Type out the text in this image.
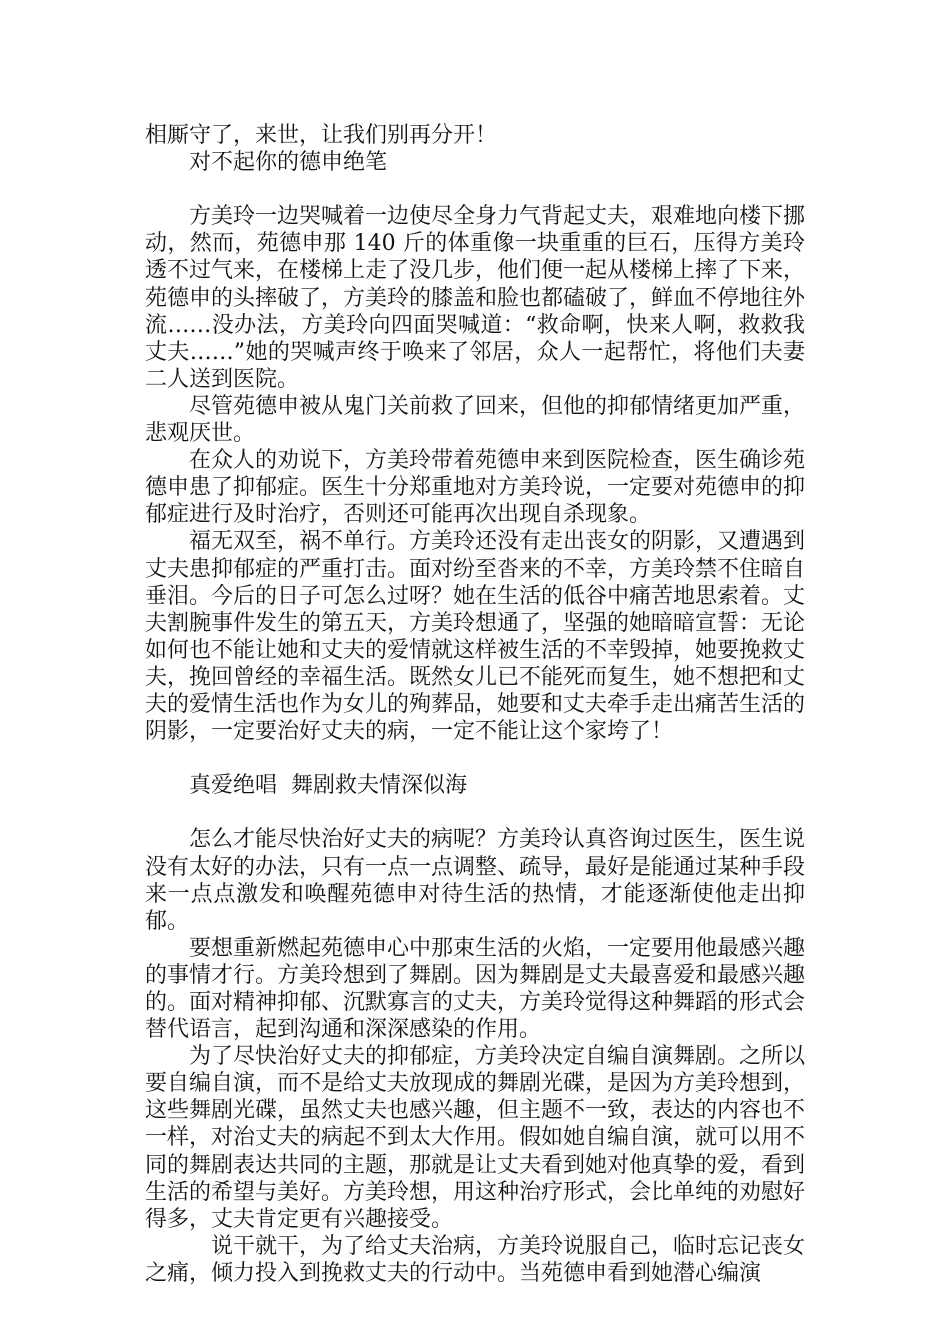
相厮守了，来世，让我们别再分开！

对不起你的德申绝笔

方美玲一边哭喊着一边使尽全身力气背起丈夫，艰难地向楼下挪动，然而，苑德申那 140 斤的体重像一块重重的巨石，压得方美玲透不过气来，在楼梯上走了没几步，他们便一起从楼梯上摔了下来，苑德申的头摔破了，方美玲的膝盖和脸也都磕破了，鲜血不停地往外流……没办法，方美玲向四面哭喊道：“救命啊，快来人啊，救救我丈夫……”她的哭喊声终于唤来了邻居，众人一起帮忙，将他们夫妻二人送到医院。

尽管苑德申被从鬼门关前救了回来，但他的抑郁情绪更加严重，悲观厌世。

在众人的劝说下，方美玲带着苑德申来到医院检查，医生确诊苑德申患了抑郁症。医生十分郑重地对方美玲说，一定要对苑德申的抑郁症进行及时治疗，否则还可能再次出现自杀现象。

福无双至，祸不单行。方美玲还没有走出丧女的阴影，又遭遇到丈夫患抑郁症的严重打击。面对纷至沓来的不幸，方美玲禁不住暗自垂泪。今后的日子可怎么过呀？她在生活的低谷中痛苦地思索着。丈夫割腕事件发生的第五天，方美玲想通了，坚强的她暗暗宣誓：无论如何也不能让她和丈夫的爱情就这样被生活的不幸毁掉，她要挽救丈夫，挽回曾经的幸福生活。既然女儿已不能死而复生，她不想把和丈夫的爱情生活也作为女儿的殉葬品，她要和丈夫牵手走出痛苦生活的阴影，一定要治好丈夫的病，一定不能让这个家垮了！

真爱绝唱  舞剧救夫情深似海

怎么才能尽快治好丈夫的病呢？方美玲认真咨询过医生，医生说没有太好的办法，只有一点一点调整、疏导，最好是能通过某种手段来一点点激发和唤醒苑德申对待生活的热情，才能逐渐使他走出抑郁。

要想重新燃起苑德申心中那束生活的火焰，一定要用他最感兴趣的事情才行。方美玲想到了舞剧。因为舞剧是丈夫最喜爱和最感兴趣的。面对精神抑郁、沉默寡言的丈夫，方美玲觉得这种舞蹈的形式会替代语言，起到沟通和深深感染的作用。

为了尽快治好丈夫的抑郁症，方美玲决定自编自演舞剧。之所以要自编自演，而不是给丈夫放现成的舞剧光碟，是因为方美玲想到，这些舞剧光碟，虽然丈夫也感兴趣，但主题不一致，表达的内容也不一样，对治丈夫的病起不到太大作用。假如她自编自演，就可以用不同的舞剧表达共同的主题，那就是让丈夫看到她对他真挚的爱，看到生活的希望与美好。方美玲想，用这种治疗形式，会比单纯的劝慰好得多，丈夫肯定更有兴趣接受。

说干就干，为了给丈夫治病，方美玲说服自己，临时忘记丧女之痛，倾力投入到挽救丈夫的行动中。当苑德申看到她潜心编演
